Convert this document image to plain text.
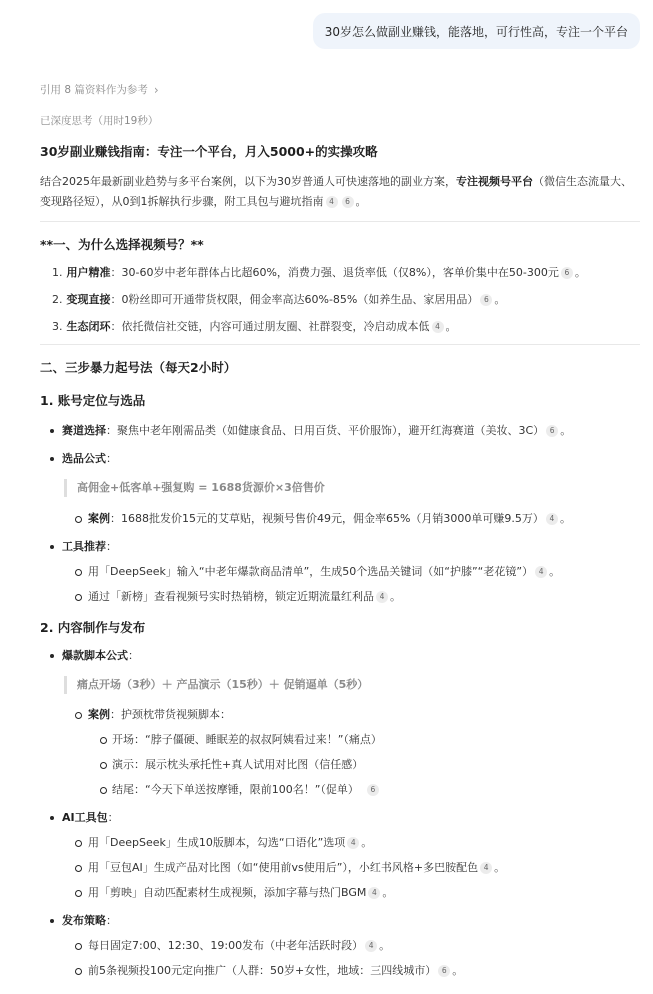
30岁怎么做副业赚钱，能落地，可行性高，专注一个平台
引用 8 篇资料作为参考 ›
已深度思考（用时19秒）
30岁副业赚钱指南：专注一个平台，月入5000+的实操攻略
结合2025年最新副业趋势与多平台案例，以下为30岁普通人可快速落地的副业方案，专注视频号平台（微信生态流量大、变现路径短），从0到1拆解执行步骤，附工具包与避坑指南 4 6 。
**一、为什么选择视频号？**
1. 用户精准：30-60岁中老年群体占比超60%，消费力强、退货率低（仅8%），客单价集中在50-300元 6 。
2. 变现直接：0粉丝即可开通带货权限，佣金率高达60%-85%（如养生品、家居用品） 6 。
3. 生态闭环：依托微信社交链，内容可通过朋友圈、社群裂变，冷启动成本低 4 。
二、三步暴力起号法（每天2小时）
1. 账号定位与选品
赛道选择：聚焦中老年刚需品类（如健康食品、日用百货、平价服饰），避开红海赛道（美妆、3C） 6 。
选品公式：
高佣金+低客单+强复购 = 1688货源价×3倍售价
案例：1688批发价15元的艾草贴，视频号售价49元，佣金率65%（月销3000单可赚9.5万） 4 。
工具推荐：
用「DeepSeek」输入“中老年爆款商品清单”，生成50个选品关键词（如“护膝”“老花镜”） 4 。
通过「新榜」查看视频号实时热销榜，锁定近期流量红利品 4 。
2. 内容制作与发布
爆款脚本公式：
痛点开场（3秒）＋ 产品演示（15秒）＋ 促销逼单（5秒）
案例：护颈枕带货视频脚本：
开场：“脖子僵硬、睡眠差的叔叔阿姨看过来！”（痛点）
演示：展示枕头承托性+真人试用对比图（信任感）
结尾：“今天下单送按摩锤，限前100名！”（促单） 6
AI工具包：
用「DeepSeek」生成10版脚本，勾选“口语化”选项 4 。
用「豆包AI」生成产品对比图（如“使用前vs使用后”），小红书风格+多巴胺配色 4 。
用「剪映」自动匹配素材生成视频，添加字幕与热门BGM 4 。
发布策略：
每日固定7:00、12:30、19:00发布（中老年活跃时段） 4 。
前5条视频投100元定向推广（人群：50岁+女性，地域：三四线城市） 6 。
